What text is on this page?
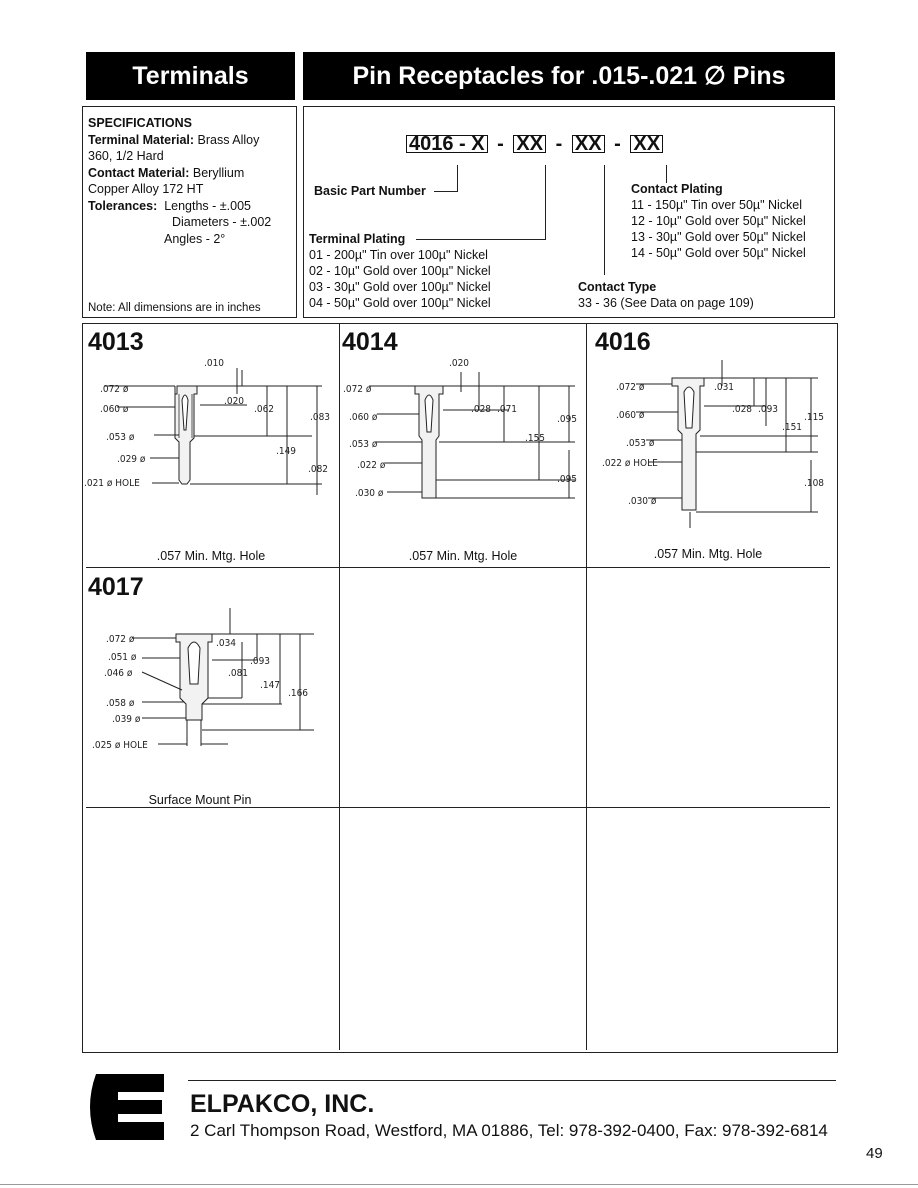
Terminals	Pin Receptacles for .015-.021 ∅ Pins
SPECIFICATIONS
Terminal Material: Brass Alloy
360, 1/2 Hard
Contact Material: Beryllium
Copper Alloy 172 HT
Tolerances: Lengths - ±.005
Diameters - ±.002
Angles - 2°
Note: All dimensions are in inches
4016 - X - XX - XX - XX
Basic Part Number
Terminal Plating
01 - 200µ" Tin over 100µ" Nickel
02 - 10µ" Gold over 100µ" Nickel
03 - 30µ" Gold over 100µ" Nickel
04 - 50µ" Gold over 100µ" Nickel
Contact Plating
11 - 150µ" Tin over 50µ" Nickel
12 - 10µ" Gold over 50µ" Nickel
13 - 30µ" Gold over 50µ" Nickel
14 - 50µ" Gold over 50µ" Nickel
Contact Type
33 - 36 (See Data on page 109)
4013
.010
.072 ø
.060 ø
.053 ø
.029 ø
.021 ø HOLE
.020
.062
.083
.149
.082
.057 Min. Mtg. Hole
4014
.020
.072 ø
.060 ø
.053 ø
.022 ø
.030 ø
.028 .071
.095
.155
.095
.057 Min. Mtg. Hole
4016
.072 ø
.060 ø
.053 ø
.022 ø HOLE
.030 ø
.031
.028 .093
.151
.115
.108
.057 Min. Mtg. Hole
4017
.072 ø
.051 ø
.046 ø
.058 ø
.039 ø
.025 ø HOLE
.034
.093
.081
.147
.166
Surface Mount Pin
ELPAKCO, INC.
2 Carl Thompson Road, Westford, MA 01886, Tel: 978-392-0400, Fax: 978-392-6814
49
